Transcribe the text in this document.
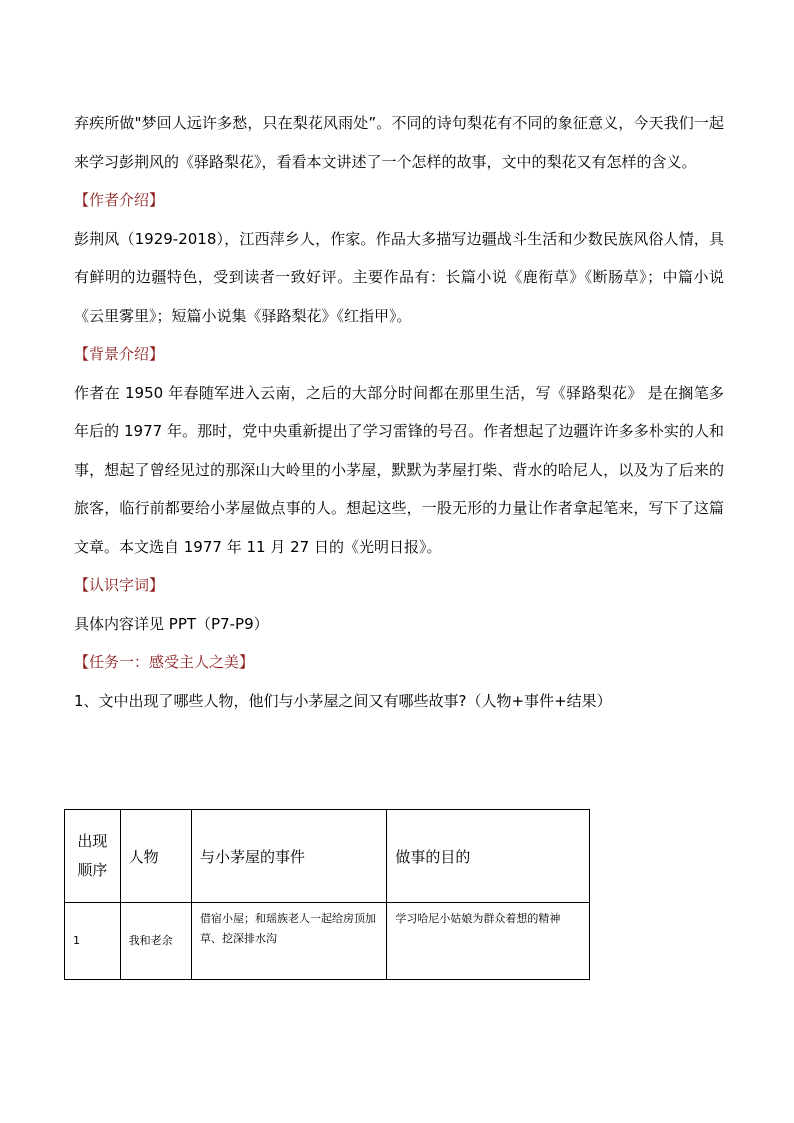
弃疾所做"梦回人远许多愁，只在梨花风雨处”。不同的诗句梨花有不同的象征意义，今天我们一起来学习彭荆风的《驿路梨花》，看看本文讲述了一个怎样的故事，文中的梨花又有怎样的含义。

【作者介绍】

彭荆风（1929-2018），江西萍乡人，作家。作品大多描写边疆战斗生活和少数民族风俗人情，具有鲜明的边疆特色，受到读者一致好评。主要作品有：长篇小说《鹿衔草》《断肠草》；中篇小说《云里雾里》；短篇小说集《驿路梨花》《红指甲》。

【背景介绍】

作者在 1950 年春随军进入云南，之后的大部分时间都在那里生活，写《驿路梨花》 是在搁笔多年后的 1977 年。那时，党中央重新提出了学习雷锋的号召。作者想起了边疆许许多多朴实的人和事，想起了曾经见过的那深山大岭里的小茅屋，默默为茅屋打柴、背水的哈尼人，以及为了后来的旅客，临行前都要给小茅屋做点事的人。想起这些，一股无形的力量让作者拿起笔来，写下了这篇文章。本文选自 1977 年 11 月 27 日的《光明日报》。

【认识字词】

具体内容详见 PPT（P7-P9）

【任务一：感受主人之美】

1、文中出现了哪些人物，他们与小茅屋之间又有哪些故事?（人物+事件+结果）

出现顺序	人物	与小茅屋的事件	做事的目的
1	我和老余	借宿小屋；和瑶族老人一起给房顶加草、挖深排水沟	学习哈尼小姑娘为群众着想的精神
